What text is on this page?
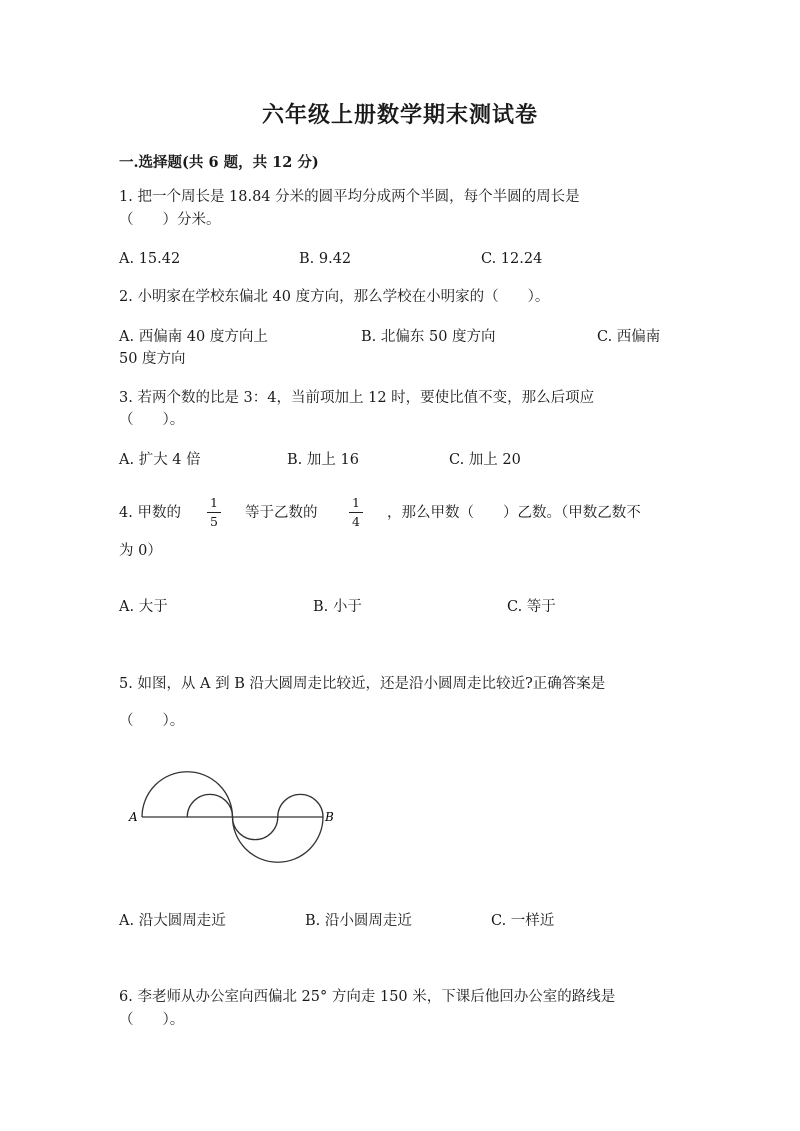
六年级上册数学期末测试卷
一.选择题(共 6 题，共 12 分)
1. 把一个周长是 18.84 分米的圆平均分成两个半圆，每个半圆的周长是
（　　）分米。
A. 15.42	B. 9.42	C. 12.24
2. 小明家在学校东偏北 40 度方向，那么学校在小明家的（　　）。
A. 西偏南 40 度方向上	B. 北偏东 50 度方向	C. 西偏南
50 度方向
3. 若两个数的比是 3：4，当前项加上 12 时，要使比值不变，那么后项应
（　　）。
A. 扩大 4 倍	B. 加上 16	C. 加上 20
4. 甲数的
1
5
等于乙数的
1
4
，那么甲数（　　）乙数。（甲数乙数不
为 0）
A. 大于	B. 小于	C. 等于
5. 如图，从 A 到 B 沿大圆周走比较近，还是沿小圆周走比较近?正确答案是
（　　）。
A	B
A. 沿大圆周走近	B. 沿小圆周走近	C. 一样近
6. 李老师从办公室向西偏北 25° 方向走 150 米，下课后他回办公室的路线是
（　　）。
